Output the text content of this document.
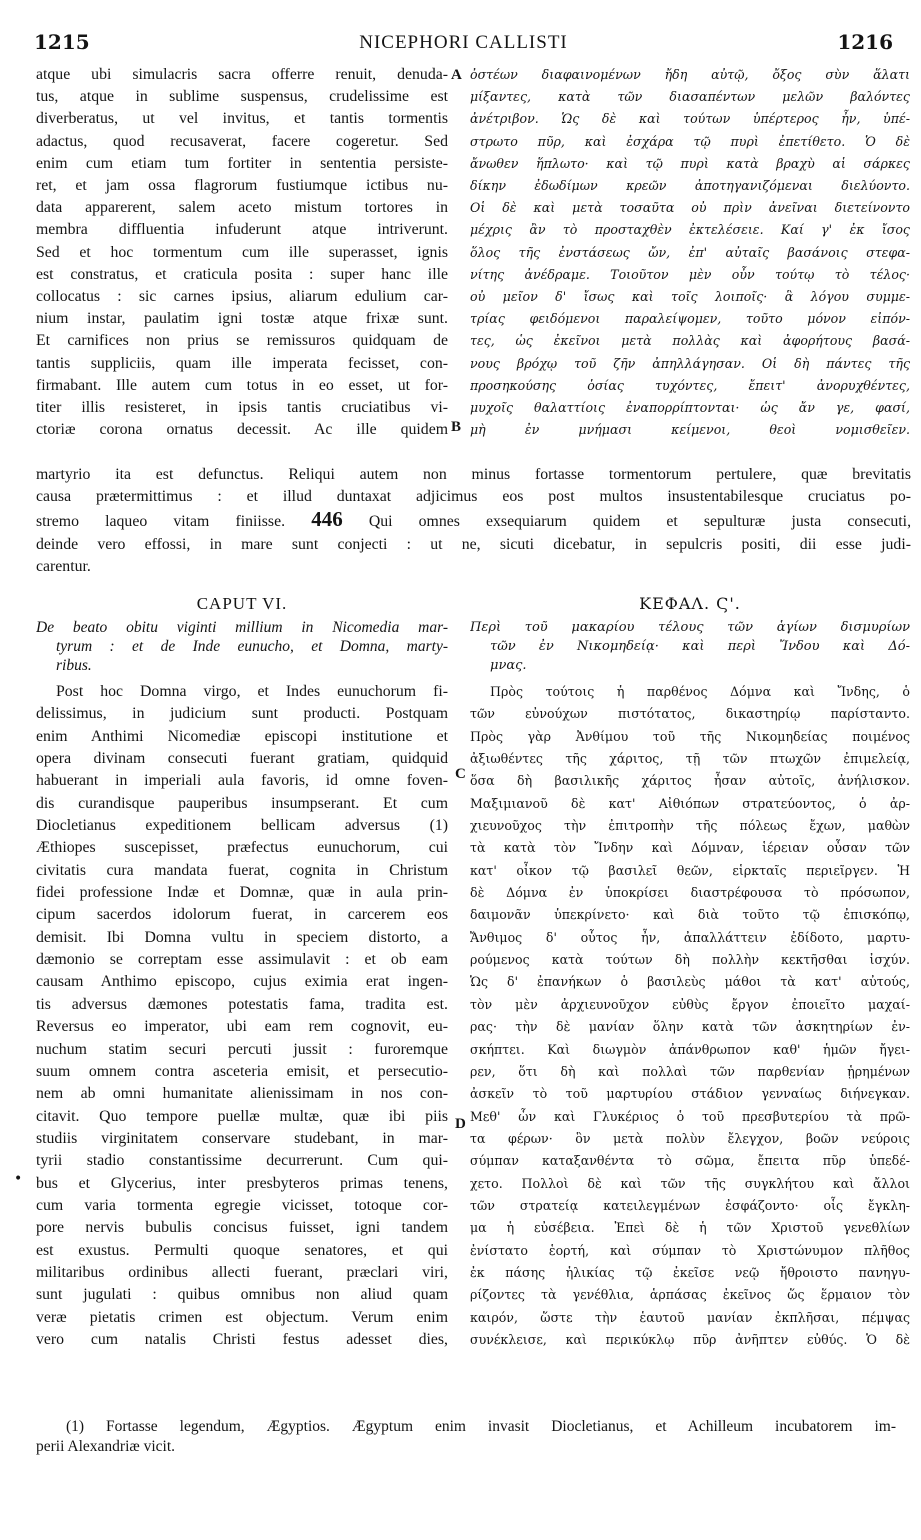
1215	NICEPHORI CALLISTI	1216
A
B
C
D
•
atque ubi simulacris sacra offerre renuit, denuda-
tus, atque in sublime suspensus, crudelissime est
diverberatus, ut vel invitus, et tantis tormentis
adactus, quod recusaverat, facere cogeretur. Sed
enim cum etiam tum fortiter in sententia persiste-
ret, et jam ossa flagrorum fustiumque ictibus nu-
data apparerent, salem aceto mistum tortores in
membra diffluentia infuderunt atque intriverunt.
Sed et hoc tormentum cum ille superasset, ignis
est constratus, et craticula posita : super hanc ille
collocatus : sic carnes ipsius, aliarum edulium car-
nium instar, paulatim igni tostæ atque frixæ sunt.
Et carnifices non prius se remissuros quidquam de
tantis suppliciis, quam ille imperata fecisset, con-
firmabant. Ille autem cum totus in eo esset, ut for-
titer illis resisteret, in ipsis tantis cruciatibus vi-
ctoriæ corona ornatus decessit. Ac ille quidem
ὀστέων διαφαινομένων ἤδη αὐτῷ, ὄξος σὺν ἅλατι
μίξαντες, κατὰ τῶν διασαπέντων μελῶν βαλόντες
ἀνέτριβον. Ὡς δὲ καὶ τούτων ὑπέρτερος ἦν, ὑπέ-
στρωτο πῦρ, καὶ ἐσχάρα τῷ πυρὶ ἐπετίθετο. Ὁ δὲ
ἄνωθεν ἥπλωτο· καὶ τῷ πυρὶ κατὰ βραχὺ αἱ σάρκες
δίκην ἐδωδίμων κρεῶν ἀποτηγανιζόμεναι διελύοντο.
Οἱ δὲ καὶ μετὰ τοσαῦτα οὐ πρὶν ἀνεῖναι διετείνοντο
μέχρις ἂν τὸ προσταχθὲν ἐκτελέσειε. Καί γ' ἐκ ἴσος
ὅλος τῆς ἐνστάσεως ὤν, ἐπ' αὐταῖς βασάνοις στεφα-
νίτης ἀνέδραμε. Τοιοῦτον μὲν οὖν τούτῳ τὸ τέλος·
οὐ μεῖον δ' ἴσως καὶ τοῖς λοιποῖς· ἃ λόγου συμμε-
τρίας φειδόμενοι παραλείψομεν, τοῦτο μόνον εἰπόν-
τες, ὡς ἐκεῖνοι μετὰ πολλὰς καὶ ἀφορήτους βασά-
νους βρόχῳ τοῦ ζῆν ἀπηλλάγησαν. Οἱ δὴ πάντες τῆς
προσηκούσης ὁσίας τυχόντες, ἔπειτ' ἀνορυχθέντες,
μυχοῖς θαλαττίοις ἐναπορρίπτονται· ὡς ἄν γε, φασί,
μὴ ἐν μνήμασι κείμενοι, θεοὶ νομισθεῖεν.
martyrio ita est defunctus. Reliqui autem non minus fortasse tormentorum pertulere, quæ brevitatis
causa prætermittimus : et illud duntaxat adjicimus eos post multos insustentabilesque cruciatus po-
stremo laqueo vitam finiisse. 446 Qui omnes exsequiarum quidem et sepulturæ justa consecuti,
deinde vero effossi, in mare sunt conjecti : ut ne, sicuti dicebatur, in sepulcris positi, dii esse judi-
carentur.
CAPUT VI.	ΚΕΦΑΛ. Ϛ'.
De beato obitu viginti millium in Nicomedia mar-
tyrum : et de Inde eunucho, et Domna, marty-
ribus.
Περὶ τοῦ μακαρίου τέλους τῶν ἁγίων δισμυρίων
τῶν ἐν Νικομηδείᾳ· καὶ περὶ Ἴνδου καὶ Δό-
μνας.
Post hoc Domna virgo, et Indes eunuchorum fi-
delissimus, in judicium sunt producti. Postquam
enim Anthimi Nicomediæ episcopi institutione et
opera divinam consecuti fuerant gratiam, quidquid
habuerant in imperiali aula favoris, id omne foven-
dis curandisque pauperibus insumpserant. Et cum
Diocletianus expeditionem bellicam adversus (1)
Æthiopes suscepisset, præfectus eunuchorum, cui
civitatis cura mandata fuerat, cognita in Christum
fidei professione Indæ et Domnæ, quæ in aula prin-
cipum sacerdos idolorum fuerat, in carcerem eos
demisit. Ibi Domna vultu in speciem distorto, a
dæmonio se correptam esse assimulavit : et ob eam
causam Anthimo episcopo, cujus eximia erat ingen-
tis adversus dæmones potestatis fama, tradita est.
Reversus eo imperator, ubi eam rem cognovit, eu-
nuchum statim securi percuti jussit : furoremque
suum omnem contra asceteria emisit, et persecutio-
nem ab omni humanitate alienissimam in nos con-
citavit. Quo tempore puellæ multæ, quæ ibi piis
studiis virginitatem conservare studebant, in mar-
tyrii stadio constantissime decurrerunt. Cum qui-
bus et Glycerius, inter presbyteros primas tenens,
cum varia tormenta egregie vicisset, totoque cor-
pore nervis bubulis concisus fuisset, igni tandem
est exustus. Permulti quoque senatores, et qui
militaribus ordinibus allecti fuerant, præclari viri,
sunt jugulati : quibus omnibus non aliud quam
veræ pietatis crimen est objectum. Verum enim
vero cum natalis Christi festus adesset dies,
Πρὸς τούτοις ἡ παρθένος Δόμνα καὶ Ἴνδης, ὁ
τῶν εὐνούχων πιστότατος, δικαστηρίῳ παρίσταντο.
Πρὸς γὰρ Ἀνθίμου τοῦ τῆς Νικομηδείας ποιμένος
ἀξιωθέντες τῆς χάριτος, τῇ τῶν πτωχῶν ἐπιμελείᾳ,
ὅσα δὴ βασιλικῆς χάριτος ἦσαν αὐτοῖς, ἀνήλισκον.
Μαξιμιανοῦ δὲ κατ' Αἰθιόπων στρατεύοντος, ὁ ἀρ-
χιευνοῦχος τὴν ἐπιτροπὴν τῆς πόλεως ἔχων, μαθὼν
τὰ κατὰ τὸν Ἴνδην καὶ Δόμναν, ἱέρειαν οὖσαν τῶν
κατ' οἶκον τῷ βασιλεῖ θεῶν, εἱρκταῖς περιεῖργεν. Ἡ
δὲ Δόμνα ἐν ὑποκρίσει διαστρέφουσα τὸ πρόσωπον,
δαιμονᾶν ὑπεκρίνετο· καὶ διὰ τοῦτο τῷ ἐπισκόπῳ,
Ἄνθιμος δ' οὗτος ἦν, ἀπαλλάττειν ἐδίδοτο, μαρτυ-
ρούμενος κατὰ τούτων δὴ πολλὴν κεκτῆσθαι ἰσχύν.
Ὡς δ' ἐπανήκων ὁ βασιλεὺς μάθοι τὰ κατ' αὐτούς,
τὸν μὲν ἀρχιευνοῦχον εὐθὺς ἔργον ἐποιεῖτο μαχαί-
ρας· τὴν δὲ μανίαν ὅλην κατὰ τῶν ἀσκητηρίων ἐν-
σκήπτει. Καὶ διωγμὸν ἀπάνθρωπον καθ' ἡμῶν ἤγει-
ρεν, ὅτι δὴ καὶ πολλαὶ τῶν παρθενίαν ᾑρημένων
ἀσκεῖν τὸ τοῦ μαρτυρίου στάδιον γενναίως διήνεγκαν.
Μεθ' ὧν καὶ Γλυκέριος ὁ τοῦ πρεσβυτερίου τὰ πρῶ-
τα φέρων· ὃν μετὰ πολὺν ἔλεγχον, βοῶν νεύροις
σύμπαν καταξανθέντα τὸ σῶμα, ἔπειτα πῦρ ὑπεδέ-
χετο. Πολλοὶ δὲ καὶ τῶν τῆς συγκλήτου καὶ ἄλλοι
τῶν στρατείᾳ κατειλεγμένων ἐσφάζοντο· οἷς ἔγκλη-
μα ἡ εὐσέβεια. Ἐπεὶ δὲ ἡ τῶν Χριστοῦ γενεθλίων
ἐνίστατο ἑορτή, καὶ σύμπαν τὸ Χριστώνυμον πλῆθος
ἐκ πάσης ἡλικίας τῷ ἐκεῖσε νεῷ ἤθροιστο πανηγυ-
ρίζοντες τὰ γενέθλια, ἁρπάσας ἐκεῖνος ὥς ἕρμαιον τὸν
καιρόν, ὥστε τὴν ἑαυτοῦ μανίαν ἐκπλῆσαι, πέμψας
συνέκλεισε, καὶ περικύκλῳ πῦρ ἀνῆπτεν εὐθύς. Ὁ δὲ
(1) Fortasse legendum, Ægyptios. Ægyptum enim invasit Diocletianus, et Achilleum incubatorem im-
perii Alexandriæ vicit.
